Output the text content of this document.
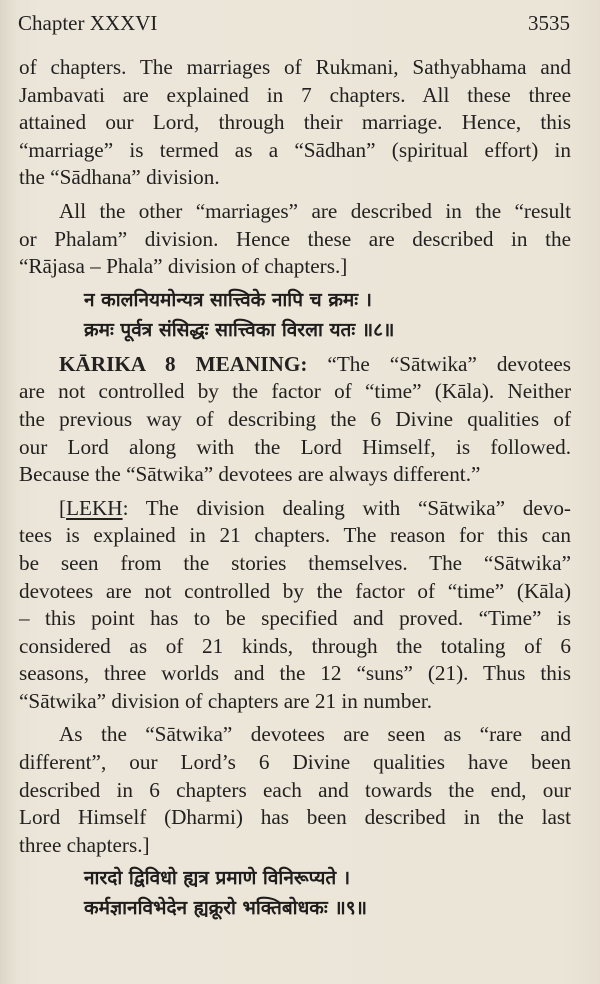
Chapter XXXVI	3535
of chapters. The marriages of Rukmani, Sathyabhama and
Jambavati are explained in 7 chapters. All these three
attained our Lord, through their marriage. Hence, this
“marriage” is termed as a “Sādhan” (spiritual effort) in
the “Sādhana” division.
All the other “marriages” are described in the “result
or Phalam” division. Hence these are described in the
“Rājasa – Phala” division of chapters.]
न कालनियमोन्यत्र सात्त्विके नापि च क्रमः ।
क्रमः पूर्वत्र संसिद्धः सात्त्विका विरला यतः ॥८॥
KĀRIKA 8 MEANING: “The “Sātwika” devotees
are not controlled by the factor of “time” (Kāla). Neither
the previous way of describing the 6 Divine qualities of
our Lord along with the Lord Himself, is followed.
Because the “Sātwika” devotees are always different.”
[LEKH: The division dealing with “Sātwika” devo-
tees is explained in 21 chapters. The reason for this can
be seen from the stories themselves. The “Sātwika”
devotees are not controlled by the factor of “time” (Kāla)
– this point has to be specified and proved. “Time” is
considered as of 21 kinds, through the totaling of 6
seasons, three worlds and the 12 “suns” (21). Thus this
“Sātwika” division of chapters are 21 in number.
As the “Sātwika” devotees are seen as “rare and
different”, our Lord’s 6 Divine qualities have been
described in 6 chapters each and towards the end, our
Lord Himself (Dharmi) has been described in the last
three chapters.]
नारदो द्विविधो ह्यत्र प्रमाणे विनिरूप्यते ।
कर्मज्ञानविभेदेन ह्यक्रूरो भक्तिबोधकः ॥९॥
